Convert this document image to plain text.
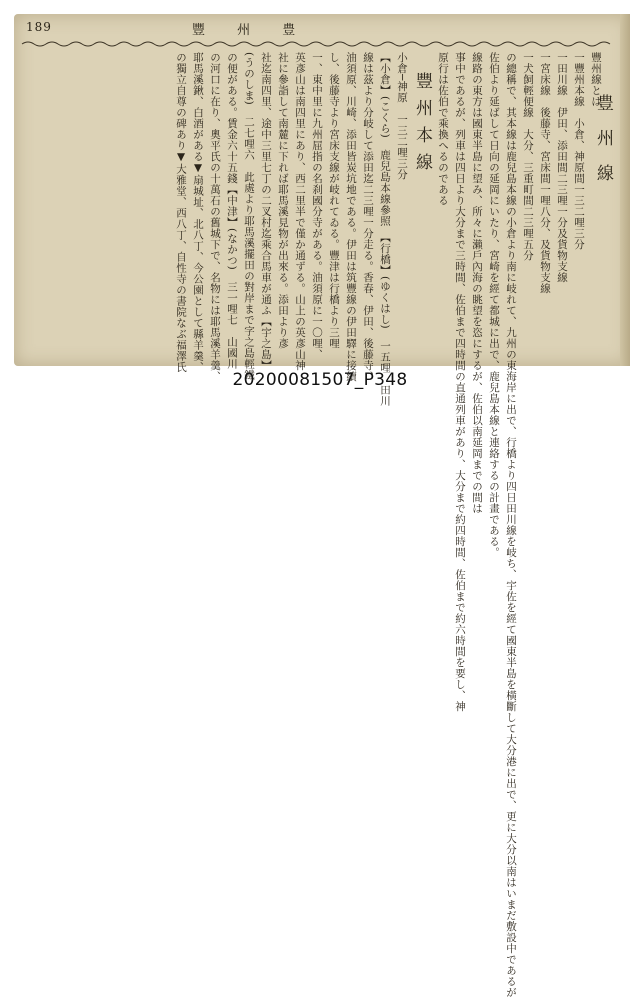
189	豐 州 豊
豐州線とは
一豐州本線　小倉、神原間一三二哩三分
一田川線　伊田、添田間二三哩一分及貨物支線
一宮床線　後藤寺、宮床間一哩八分、及貨物支線
一犬飼輕便線　大分、三重町間二三哩五分
の總稱で、其本線は鹿兒島本線の小倉より南に岐れて、九州の東海岸に出で、行橋より四日田川線を岐ち、宇佐を經て國東半島を橫斷して大分港に出で、更に大分以南はいまだ敷設中であるが
佐伯より延ばして日向の延岡にいたり、宮崎を經て都城に出で、鹿兒島本線と連絡するの計畫である。
線路の東方は國東半島に望み、所々に瀨戶內海の眺望を恣にするが、佐伯以南延岡までの間は
事中であるが、列車は四日より大分まで三時間、佐伯まで四時間の直通列車があり、大分まで約四時間、佐伯まで約六時間を要し、神
原行は佐伯で乘換へるのである
豐州本線
小倉─神原　一三二哩三分
【小倉】(こくら)　鹿兒島本線參照　【行橋】(ゆくはし)　一五哩　田川
線は茲より分岐して添田迄二三哩一分走る。香春、伊田、後藤寺、
油須原、川崎、添田皆炭坑地である。伊田は筑豐線の伊田驛に接續
し、後藤寺より宮床支線が岐れてゐる。豐津は行橋より三哩
一、東中里に九州屈指の名刹國分寺がある。油須原に一〇哩、
英彥山は南四里にあり、西二里半で僅か通ずる。山上の英彥山神
社に參詣して南麓に下れば耶馬溪見物が出來る。添田より彥
社迄南四里、途中三里七丁の二叉村迄乘合馬車が通ふ【宇之島】
(うのしま)　二七哩六　此處より耶馬溪擺田の對岸まで字之島輕鐵
の便がある。賃金六十五錢【中津】(なかつ)　三一哩七　山國川
の河口に在り、奧平氏の十萬石の舊城下で、名物には耶馬溪羊羹、
耶馬溪鍬、白酒がある▼扇城址、北八丁、今公園として縣羊羹、
の獨立自尊の碑あり▼大雅堂、西八丁、自性寺の書院なぶ福澤氏	豊州線
20200081507_P348
